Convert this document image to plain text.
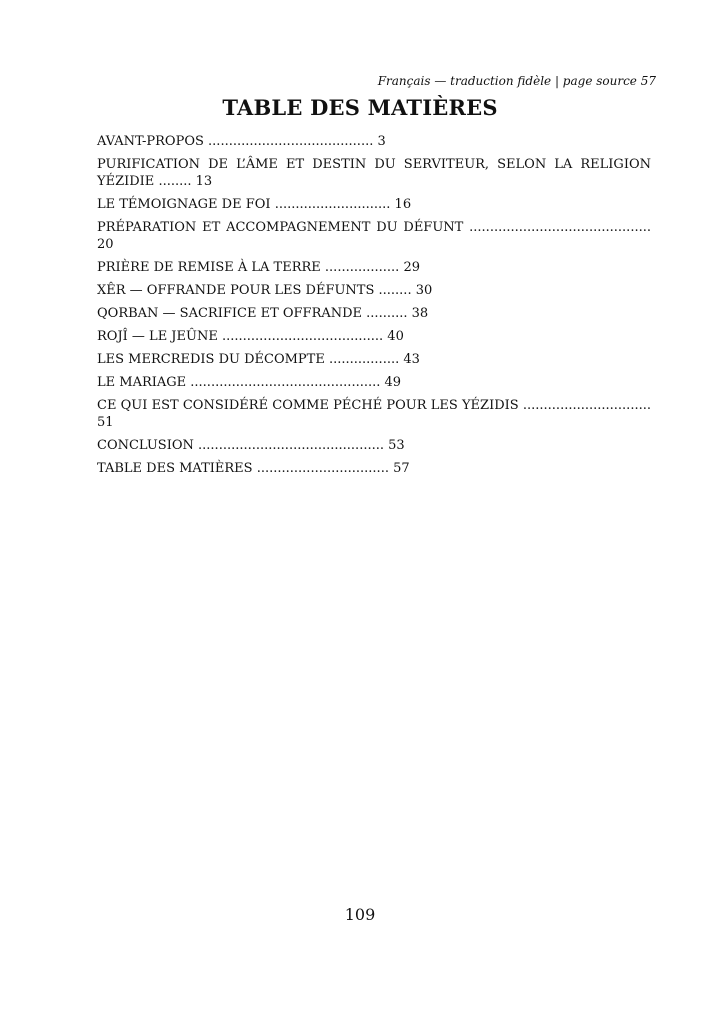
Français — traduction fidèle | page source 57
TABLE DES MATIÈRES
AVANT-PROPOS ........................................ 3
PURIFICATION DE L’ÂME ET DESTIN DU SERVITEUR, SELON LA RELIGION YÉZIDIE ........ 13
LE TÉMOIGNAGE DE FOI ............................ 16
PRÉPARATION ET ACCOMPAGNEMENT DU DÉFUNT ............................................ 20
PRIÈRE DE REMISE À LA TERRE .................. 29
XÊR — OFFRANDE POUR LES DÉFUNTS ........ 30
QORBAN — SACRIFICE ET OFFRANDE .......... 38
ROJÎ — LE JEÛNE ....................................... 40
LES MERCREDIS DU DÉCOMPTE ................. 43
LE MARIAGE .............................................. 49
CE QUI EST CONSIDÉRÉ COMME PÉCHÉ POUR LES YÉZIDIS ............................... 51
CONCLUSION ............................................. 53
TABLE DES MATIÈRES ................................ 57
109
